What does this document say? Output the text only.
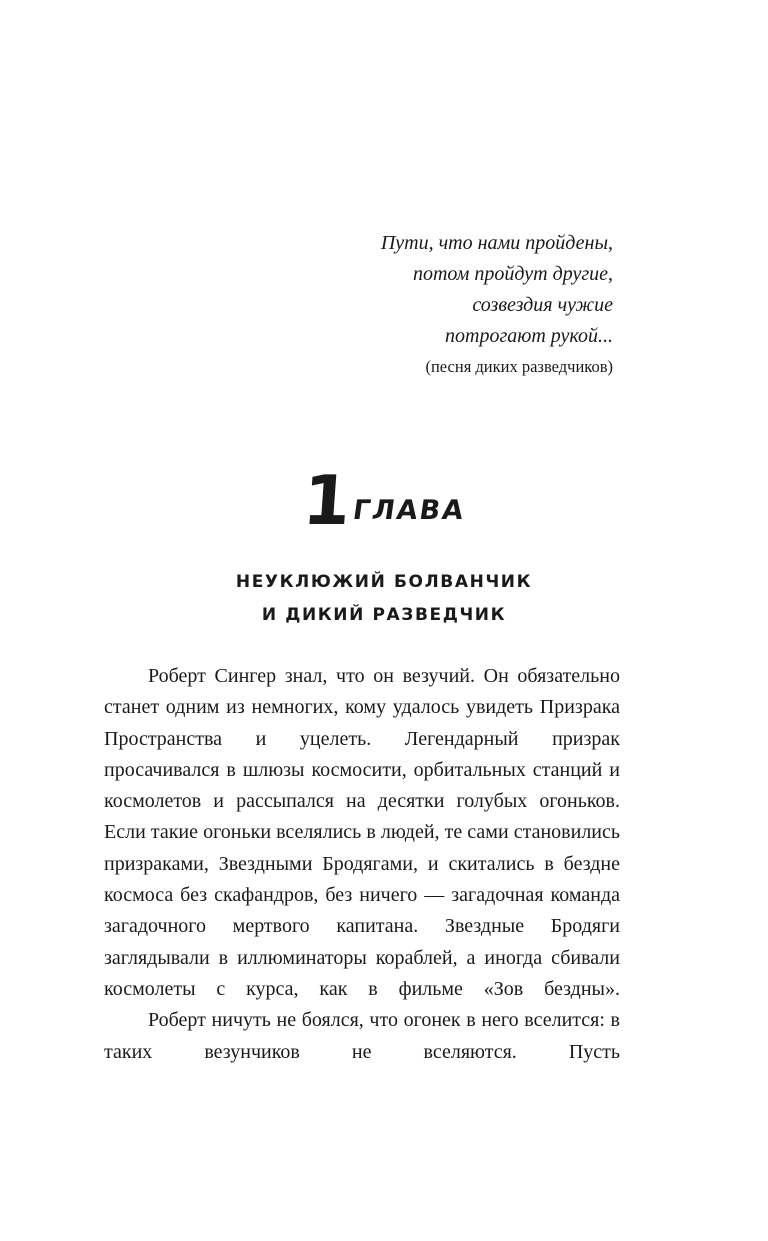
Пути, что нами пройдены,
потом пройдут другие,
созвездия чужие
потрогают рукой...
(песня диких разведчиков)
1 ГЛАВА
НЕУКЛЮЖИЙ БОЛВАНЧИК
И ДИКИЙ РАЗВЕДЧИК

Роберт Сингер знал, что он везучий. Он обязательно станет одним из немногих, кому удалось увидеть Призрака Пространства и уцелеть. Легендарный призрак просачивался в шлюзы космосити, орбитальных станций и космолетов и рассыпался на десятки голубых огоньков. Если такие огоньки вселялись в людей, те сами становились призраками, Звездными Бродягами, и скитались в бездне космоса без скафандров, без ничего — загадочная команда загадочного мертвого капитана. Звездные Бродяги заглядывали в иллюминаторы кораблей, а иногда сбивали космолеты с курса, как в фильме «Зов бездны».

Роберт ничуть не боялся, что огонек в него вселится: в таких везунчиков не вселяются. Пусть
